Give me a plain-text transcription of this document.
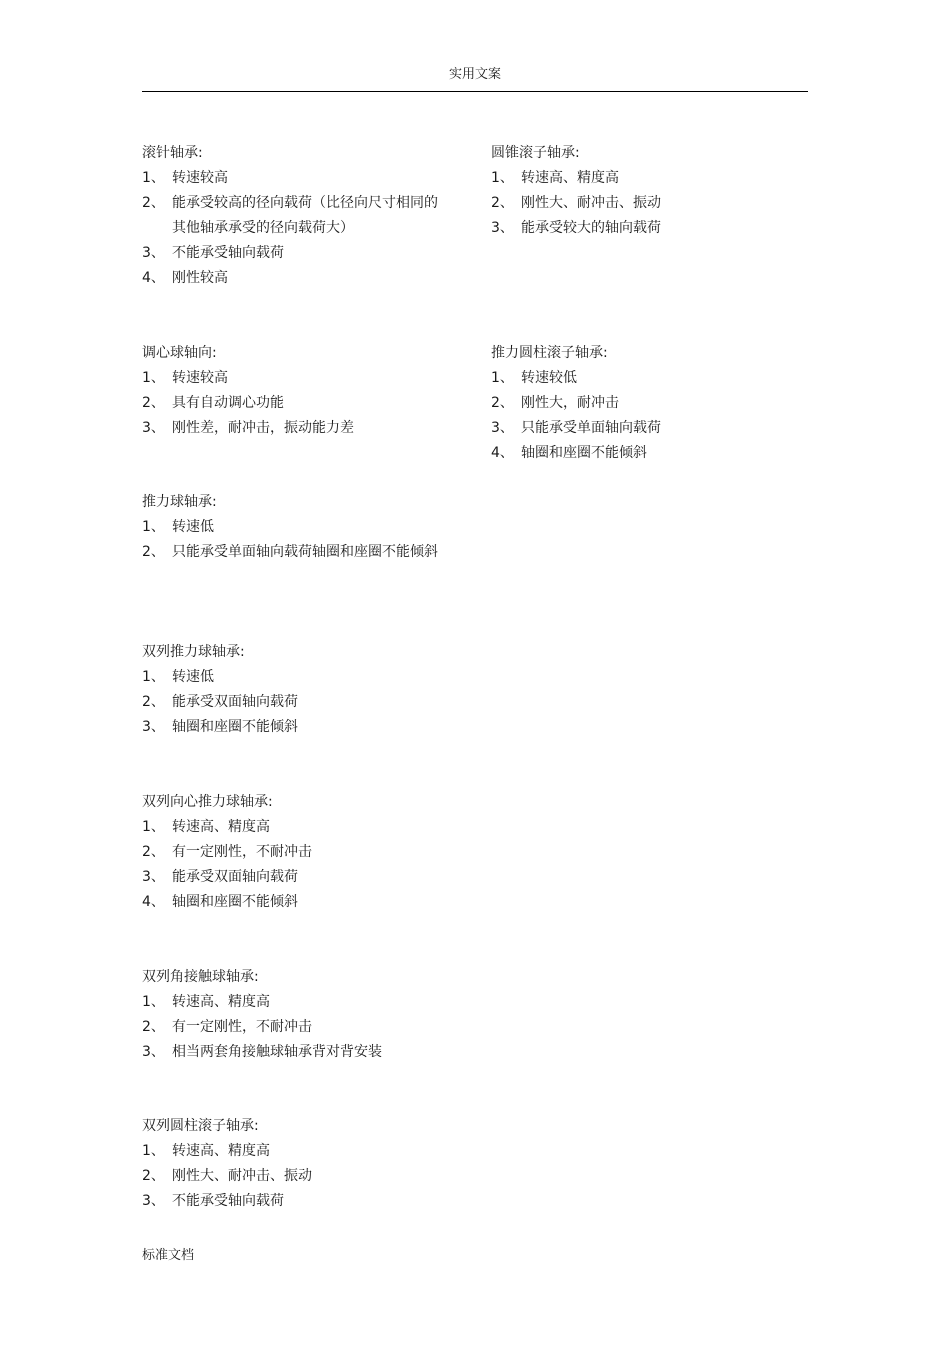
实用文案
滚针轴承:
1、 转速较高
2、 能承受较高的径向载荷（比径向尺寸相同的其他轴承承受的径向载荷大）
3、 不能承受轴向载荷
4、 刚性较高
圆锥滚子轴承:
1、 转速高、精度高
2、 刚性大、耐冲击、振动
3、 能承受较大的轴向载荷
调心球轴向:
1、 转速较高
2、 具有自动调心功能
3、 刚性差，耐冲击，振动能力差
推力圆柱滚子轴承:
1、 转速较低
2、 刚性大，耐冲击
3、 只能承受单面轴向载荷
4、 轴圈和座圈不能倾斜
推力球轴承:
1、 转速低
2、 只能承受单面轴向载荷轴圈和座圈不能倾斜
双列推力球轴承:
1、 转速低
2、 能承受双面轴向载荷
3、 轴圈和座圈不能倾斜
双列向心推力球轴承:
1、 转速高、精度高
2、 有一定刚性，不耐冲击
3、 能承受双面轴向载荷
4、 轴圈和座圈不能倾斜
双列角接触球轴承:
1、 转速高、精度高
2、 有一定刚性，不耐冲击
3、 相当两套角接触球轴承背对背安装
双列圆柱滚子轴承:
1、 转速高、精度高
2、 刚性大、耐冲击、振动
3、 不能承受轴向载荷
标准文档
